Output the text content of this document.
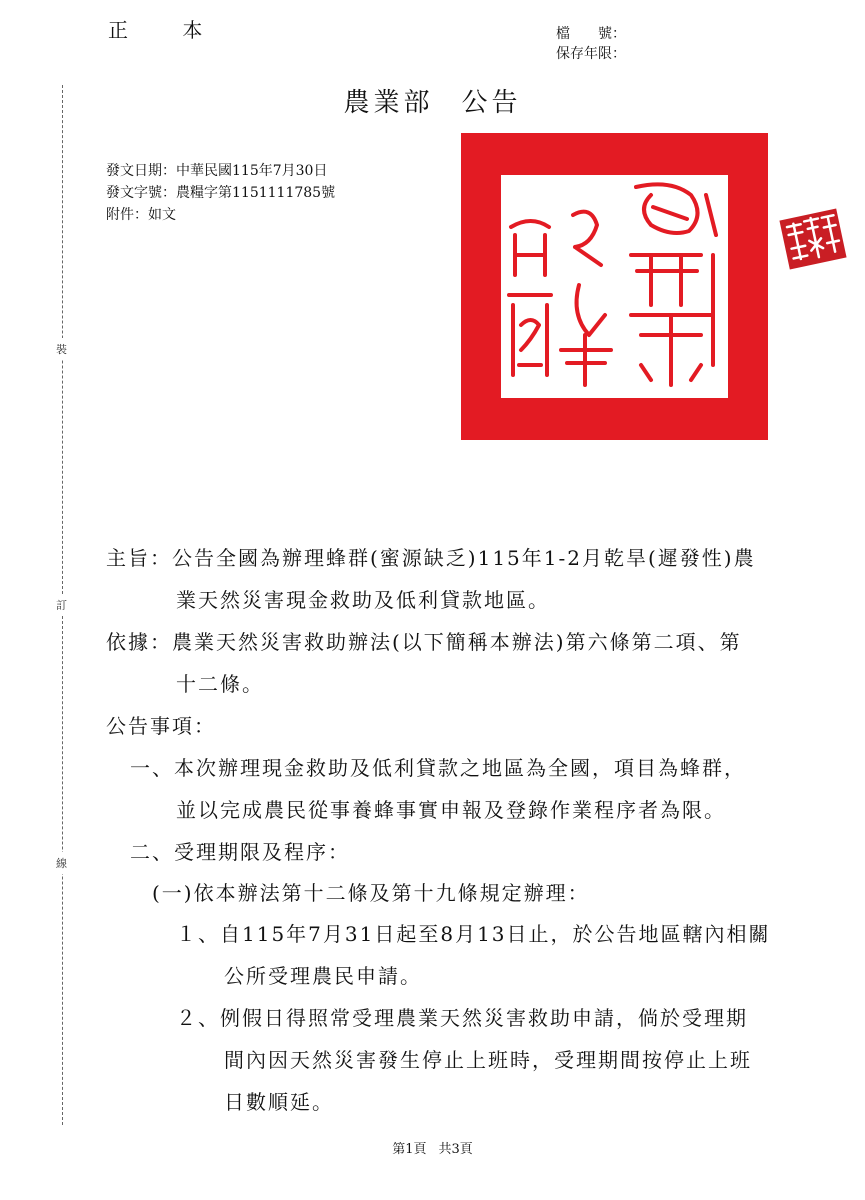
正 本	檔　　號：
保存年限：
農業部 公告
發文日期：中華民國115年7月30日
發文字號：農糧字第1151111785號
附件：如文
裝
訂
線
主旨：公告全國為辦理蜂群(蜜源缺乏)115年1-2月乾旱(遲發性)農
業天然災害現金救助及低利貸款地區。
依據：農業天然災害救助辦法(以下簡稱本辦法)第六條第二項、第
十二條。
公告事項：
一、本次辦理現金救助及低利貸款之地區為全國，項目為蜂群，
並以完成農民從事養蜂事實申報及登錄作業程序者為限。
二、受理期限及程序：
(一)依本辦法第十二條及第十九條規定辦理：
１、自115年7月31日起至8月13日止，於公告地區轄內相關
公所受理農民申請。
２、例假日得照常受理農業天然災害救助申請，倘於受理期
間內因天然災害發生停止上班時，受理期間按停止上班
日數順延。
第1頁 共3頁
